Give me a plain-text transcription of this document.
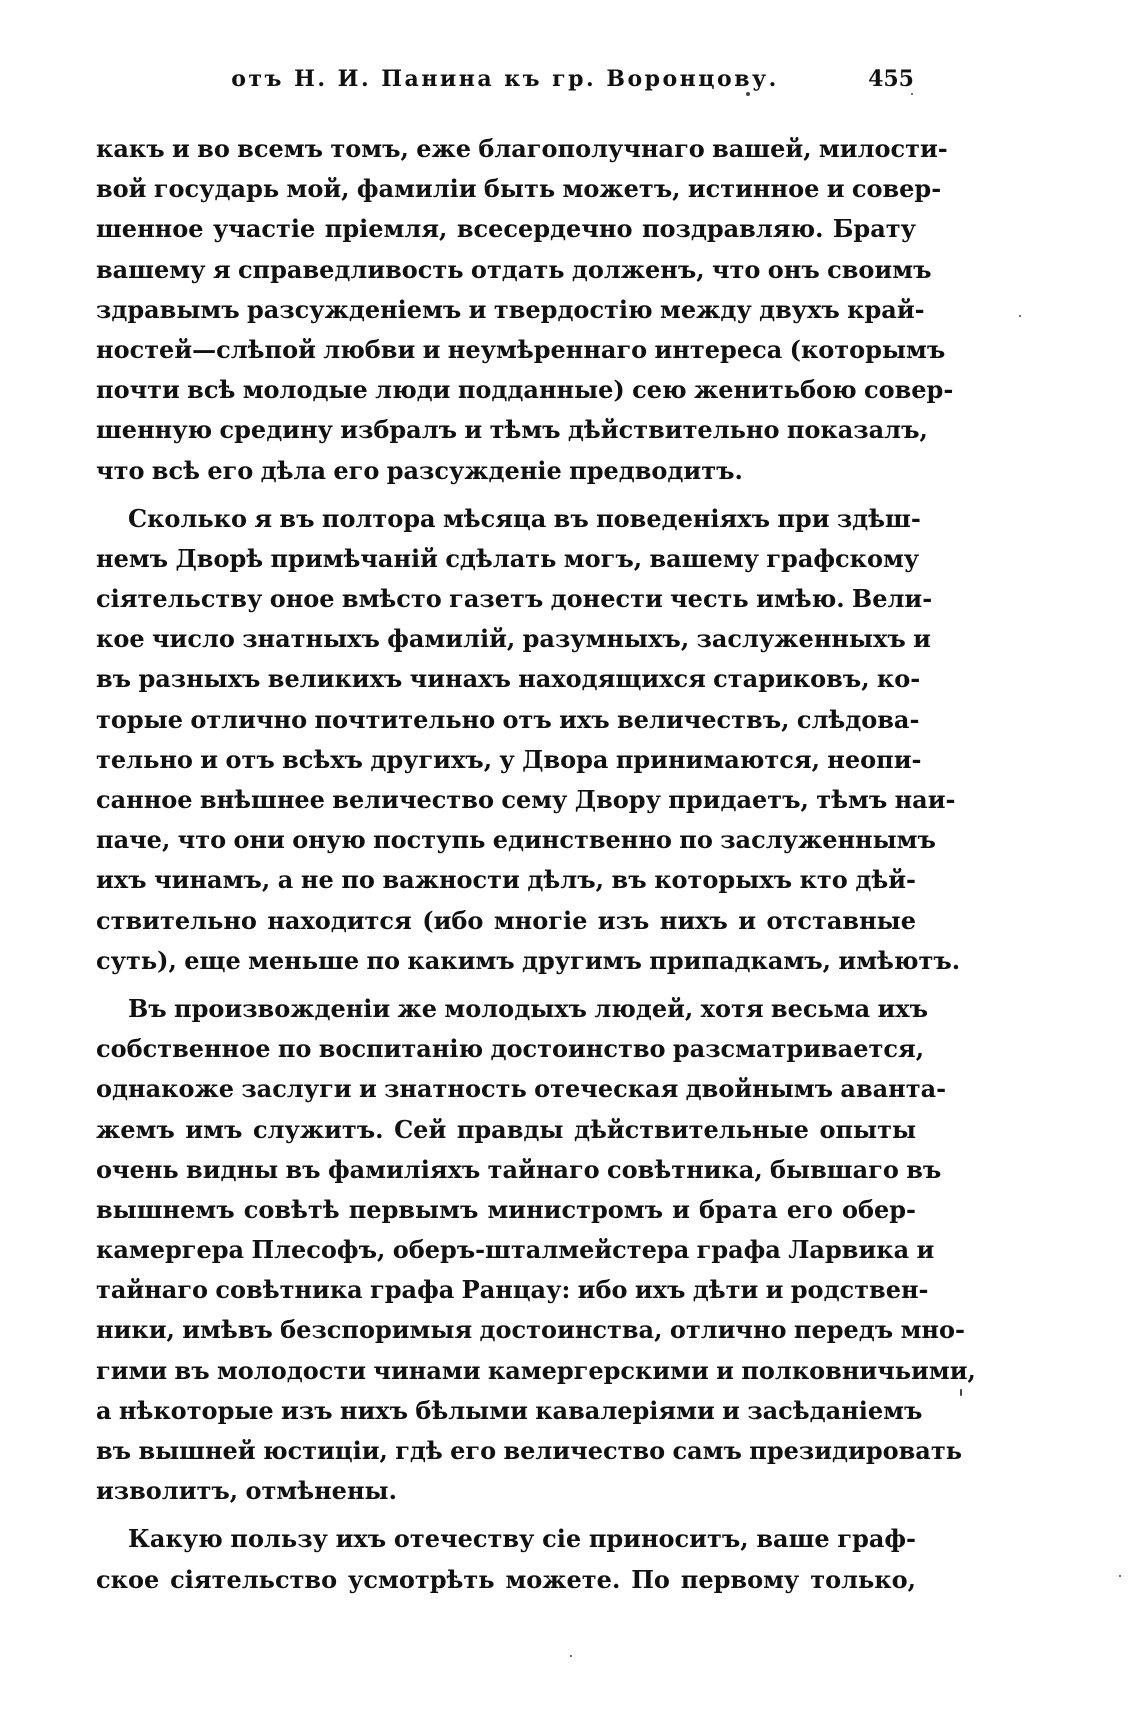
отъ Н. И. Панина къ гр. Воронцову.	455
какъ и во всемъ томъ, еже благополучнаго вашей, милости-
вой государь мой, фамиліи быть можетъ, истинное и совер-
шенное участіе пріемля, всесердечно поздравляю. Брату
вашему я справедливость отдать долженъ, что онъ своимъ
здравымъ разсужденіемъ и твердостію между двухъ край-
ностей—слѣпой любви и неумѣреннаго интереса (которымъ
почти всѣ молодые люди подданные) сею женитьбою совер-
шенную средину избралъ и тѣмъ дѣйствительно показалъ,
что всѣ его дѣла его разсужденіе предводитъ.
Сколько я въ полтора мѣсяца въ поведеніяхъ при здѣш-
немъ Дворѣ примѣчаній сдѣлать могъ, вашему графскому
сіятельству оное вмѣсто газетъ донести честь имѣю. Вели-
кое число знатныхъ фамилій, разумныхъ, заслуженныхъ и
въ разныхъ великихъ чинахъ находящихся стариковъ, ко-
торые отлично почтительно отъ ихъ величествъ, слѣдова-
тельно и отъ всѣхъ другихъ, у Двора принимаются, неопи-
санное внѣшнее величество сему Двору придаетъ, тѣмъ наи-
паче, что они оную поступь единственно по заслуженнымъ
ихъ чинамъ, а не по важности дѣлъ, въ которыхъ кто дѣй-
ствительно находится (ибо многіе изъ нихъ и отставные
суть), еще меньше по какимъ другимъ припадкамъ, имѣютъ.
Въ произвожденіи же молодыхъ людей, хотя весьма ихъ
собственное по воспитанію достоинство разсматривается,
однакоже заслуги и знатность отеческая двойнымъ аванта-
жемъ имъ служитъ. Сей правды дѣйствительные опыты
очень видны въ фамиліяхъ тайнаго совѣтника, бывшаго въ
вышнемъ совѣтѣ первымъ министромъ и брата его обер-
камергера Плесофъ, оберъ-шталмейстера графа Ларвика и
тайнаго совѣтника графа Ранцау: ибо ихъ дѣти и родствен-
ники, имѣвъ безспоримыя достоинства, отлично передъ мно-
гими въ молодости чинами камергерскими и полковничьими,
а нѣкоторые изъ нихъ бѣлыми кавалеріями и засѣданіемъ
въ вышней юстиціи, гдѣ его величество самъ президировать
изволитъ, отмѣнены.
Какую пользу ихъ отечеству сіе приноситъ, ваше граф-
ское сіятельство усмотрѣть можете. По первому только,
